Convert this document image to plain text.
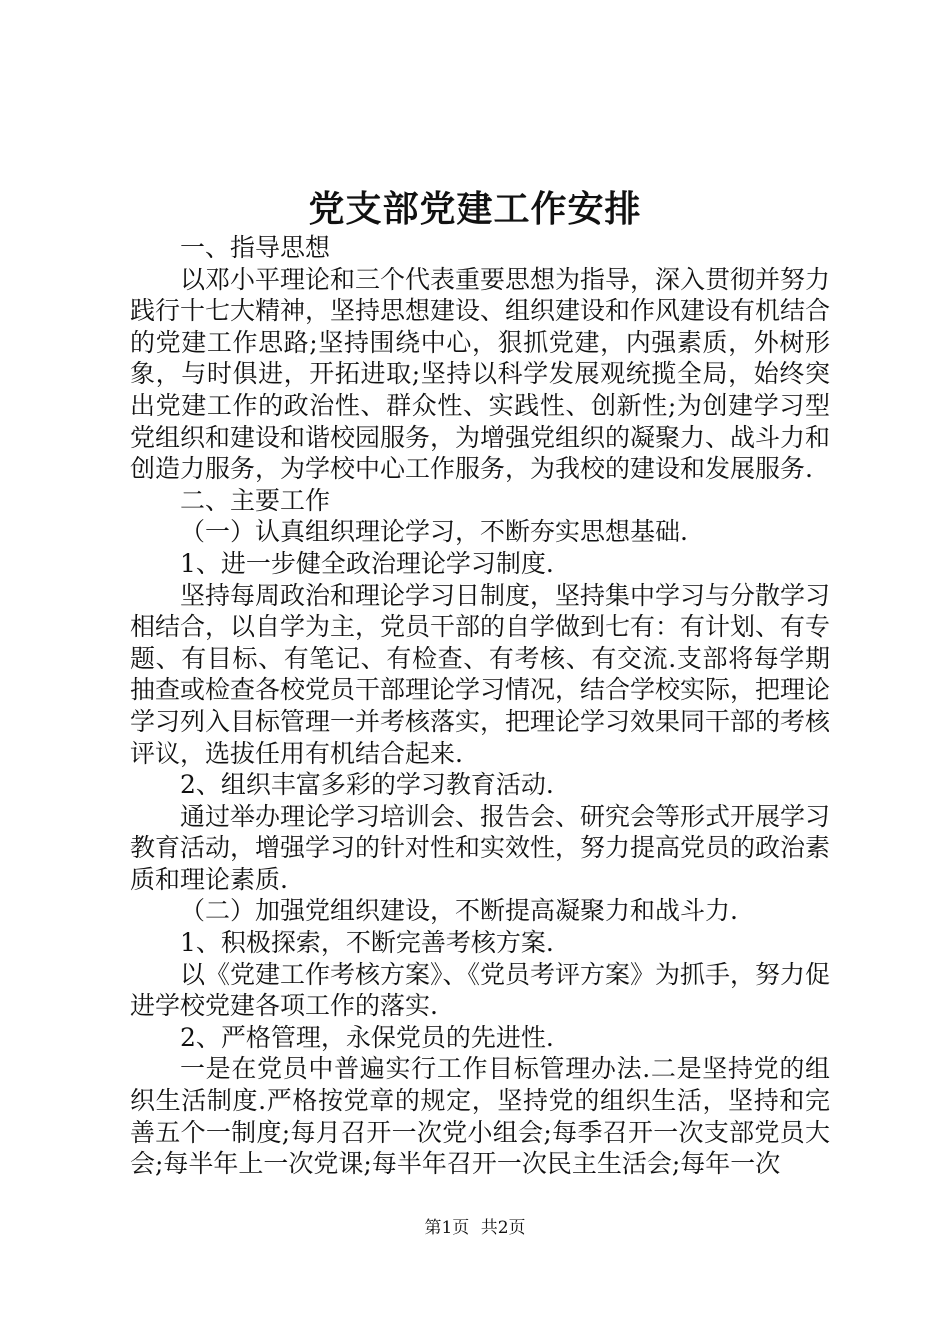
党支部党建工作安排

一、指导思想

以邓小平理论和三个代表重要思想为指导，深入贯彻并努力践行十七大精神，坚持思想建设、组织建设和作风建设有机结合的党建工作思路;坚持围绕中心，狠抓党建，内强素质，外树形象，与时俱进，开拓进取;坚持以科学发展观统揽全局，始终突出党建工作的政治性、群众性、实践性、创新性;为创建学习型党组织和建设和谐校园服务，为增强党组织的凝聚力、战斗力和创造力服务，为学校中心工作服务，为我校的建设和发展服务.

二、主要工作

（一）认真组织理论学习，不断夯实思想基础.

1、进一步健全政治理论学习制度.

坚持每周政治和理论学习日制度，坚持集中学习与分散学习相结合，以自学为主，党员干部的自学做到七有：有计划、有专题、有目标、有笔记、有检查、有考核、有交流.支部将每学期抽查或检查各校党员干部理论学习情况，结合学校实际，把理论学习列入目标管理一并考核落实，把理论学习效果同干部的考核评议，选拔任用有机结合起来.

2、组织丰富多彩的学习教育活动.

通过举办理论学习培训会、报告会、研究会等形式开展学习教育活动，增强学习的针对性和实效性，努力提高党员的政治素质和理论素质.

（二）加强党组织建设，不断提高凝聚力和战斗力.

1、积极探索，不断完善考核方案.

以《党建工作考核方案》、《党员考评方案》为抓手，努力促进学校党建各项工作的落实.

2、严格管理，永保党员的先进性.

一是在党员中普遍实行工作目标管理办法.二是坚持党的组织生活制度.严格按党章的规定，坚持党的组织生活，坚持和完善五个一制度;每月召开一次党小组会;每季召开一次支部党员大会;每半年上一次党课;每半年召开一次民主生活会;每年一次

第1页 共2页
